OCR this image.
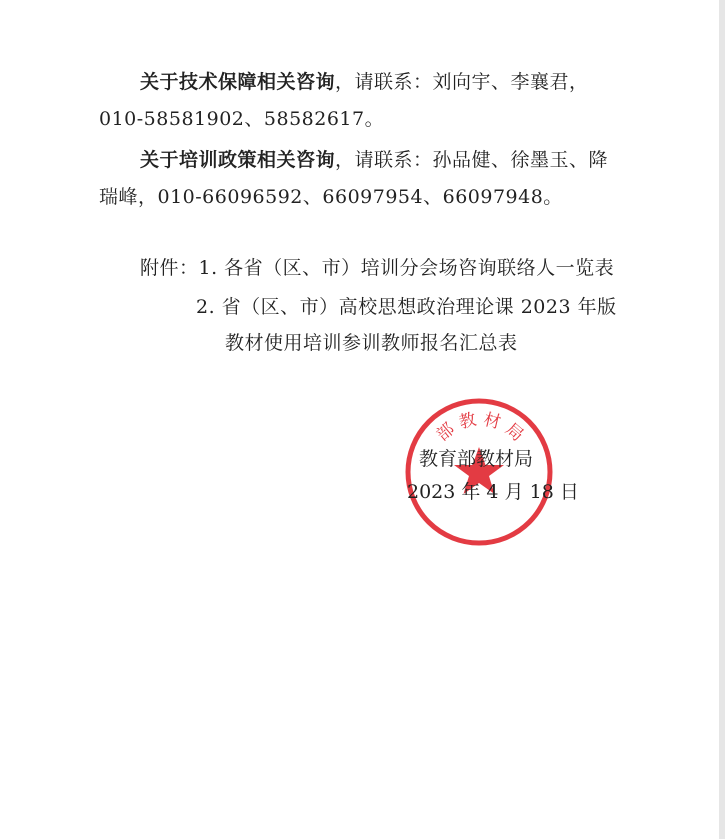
关于技术保障相关咨询，请联系：刘向宇、李襄君，
010-58581902、58582617。
关于培训政策相关咨询，请联系：孙品健、徐墨玉、降
瑞峰，010-66096592、66097954、66097948。
附件：1. 各省（区、市）培训分会场咨询联络人一览表
2. 省（区、市）高校思想政治理论课 2023 年版
教材使用培训参训教师报名汇总表
部 教 材 局
教育部教材局
2023 年 4 月 18 日
